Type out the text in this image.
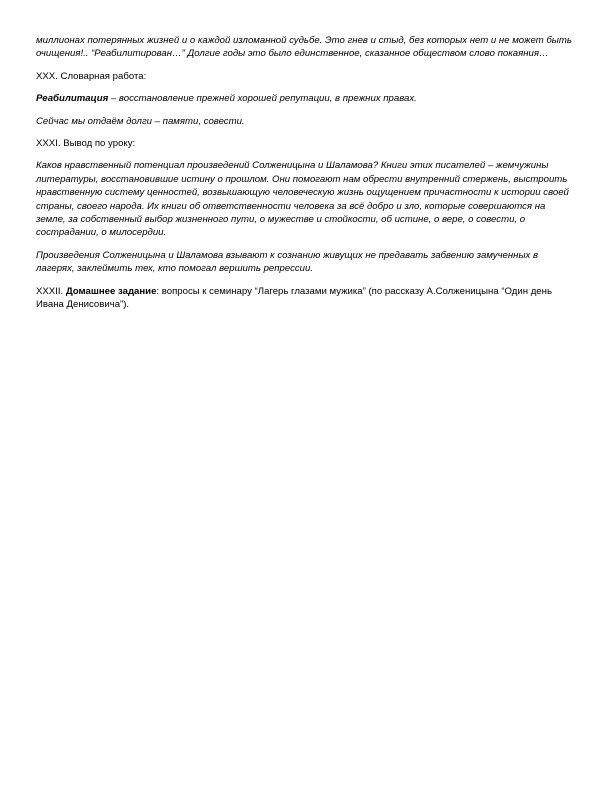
миллионах потерянных жизней и о каждой изломанной судьбе. Это гнев и стыд, без которых нет и не может быть очищения!.. “Реабилитирован…” Долгие годы это было единственное, сказанное обществом слово покаяния…

XXX. Словарная работа:

Реабилитация – восстановление прежней хорошей репутации, в прежних правах.

Сейчас мы отдаём долги – памяти, совести.

XXXI. Вывод по уроку:

Каков нравственный потенциал произведений Солженицына и Шаламова? Книги этих писателей – жемчужины литературы, восстановившие истину о прошлом. Они помогают нам обрести внутренний стержень, выстроить нравственную систему ценностей, возвышающую человеческую жизнь ощущением причастности к истории своей страны, своего народа. Их книги об ответственности человека за всё добро и зло, которые совершаются на земле, за собственный выбор жизненного пути, о мужестве и стойкости, об истине, о вере, о совести, о сострадании, о милосердии.

Произведения Солженицына и Шаламова взывают к сознанию живущих не предавать забвению замученных в лагерях, заклеймить тех, кто помогал вершить репрессии.

XXXII. Домашнее задание: вопросы к семинару “Лагерь глазами мужика” (по рассказу А.Солженицына “Один день Ивана Денисовича”).
